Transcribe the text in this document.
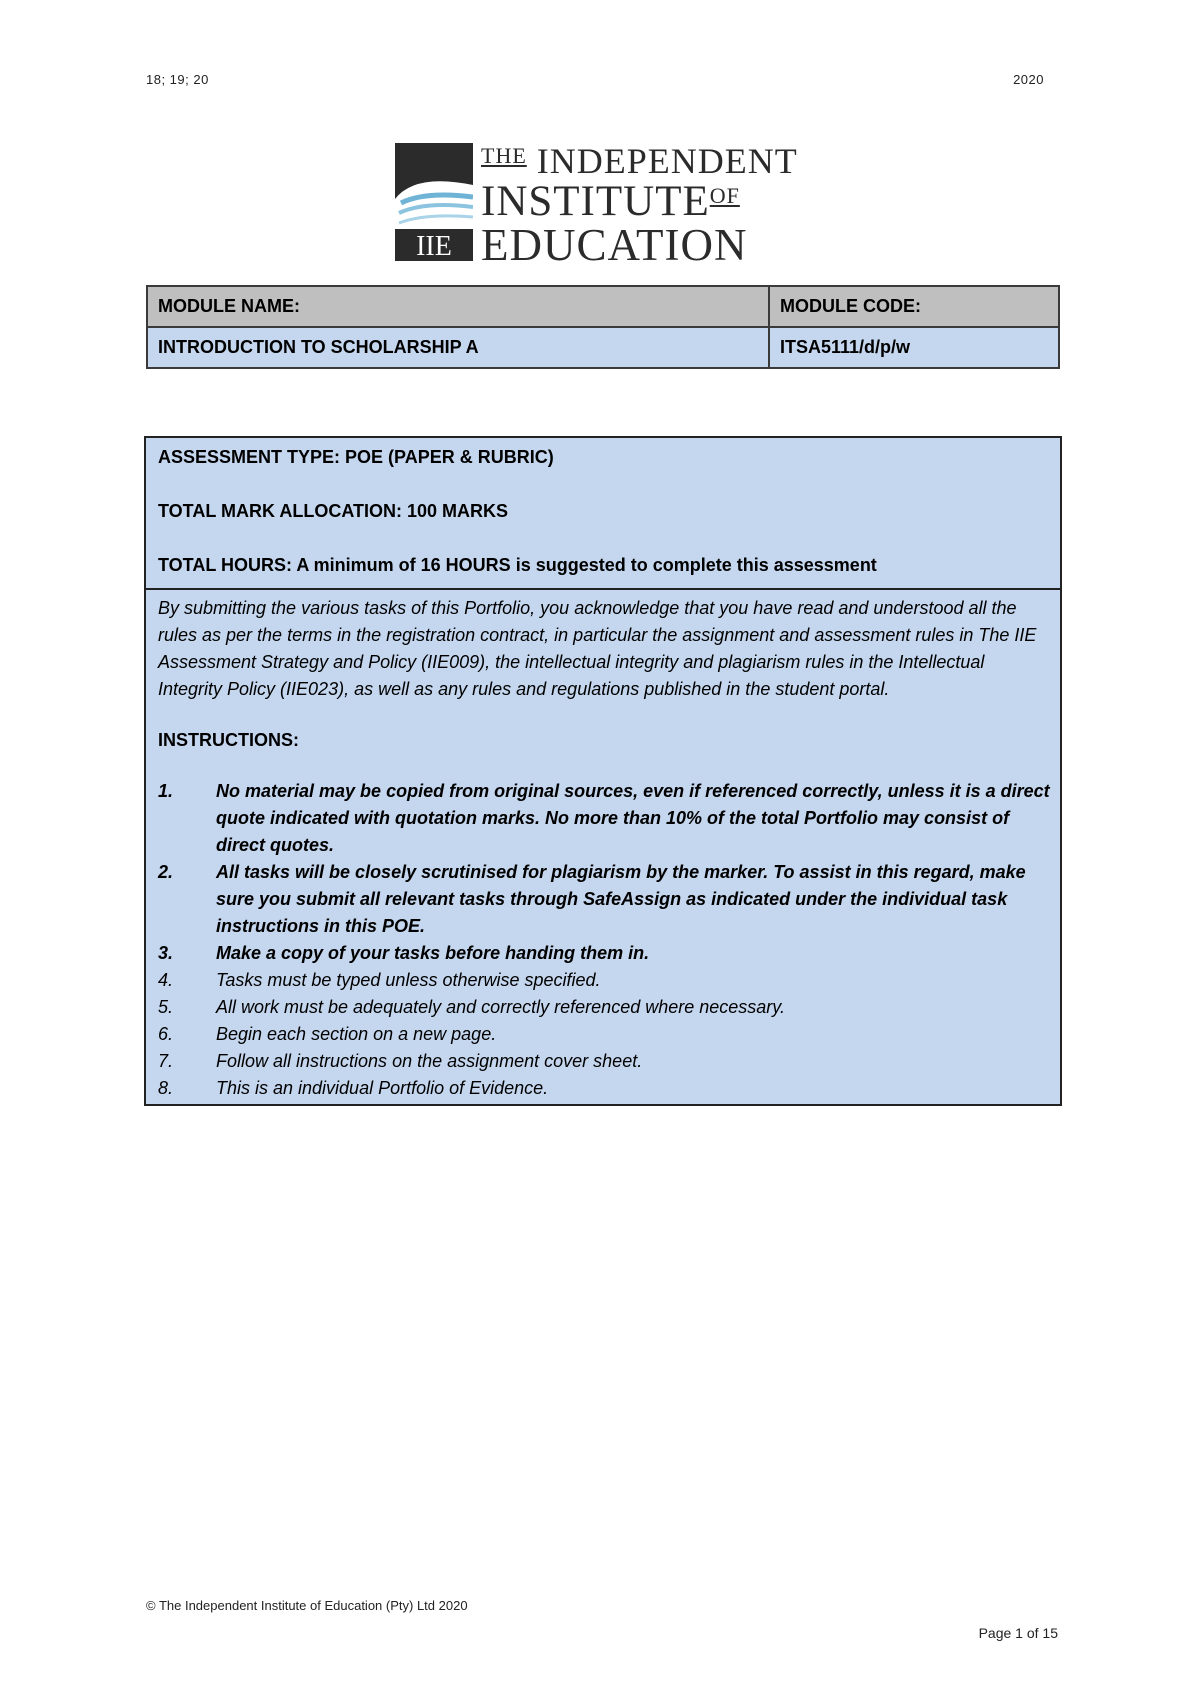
18; 19; 20	2020
IIE
$^{THE}$ INDEPENDENT
$INSTITUTE^{OF}$
EDUCATION
MODULE NAME:	MODULE CODE:
INTRODUCTION TO SCHOLARSHIP A	ITSA5111/d/p/w

ASSESSMENT TYPE: POE (PAPER & RUBRIC)

TOTAL MARK ALLOCATION: 100 MARKS

TOTAL HOURS: A minimum of 16 HOURS is suggested to complete this assessment

By submitting the various tasks of this Portfolio, you acknowledge that you have read and understood all the rules as per the terms in the registration contract, in particular the assignment and assessment rules in The IIE Assessment Strategy and Policy (IIE009), the intellectual integrity and plagiarism rules in the Intellectual Integrity Policy (IIE023), as well as any rules and regulations published in the student portal.

INSTRUCTIONS:
1.	No material may be copied from original sources, even if referenced correctly, unless it is a direct quote indicated with quotation marks. No more than 10% of the total Portfolio may consist of direct quotes.
2.	All tasks will be closely scrutinised for plagiarism by the marker. To assist in this regard, make sure you submit all relevant tasks through SafeAssign as indicated under the individual task instructions in this POE.
3.	Make a copy of your tasks before handing them in.
4.	Tasks must be typed unless otherwise specified.
5.	All work must be adequately and correctly referenced where necessary.
6.	Begin each section on a new page.
7.	Follow all instructions on the assignment cover sheet.
8.	This is an individual Portfolio of Evidence.
© The Independent Institute of Education (Pty) Ltd 2020
Page 1 of 15
